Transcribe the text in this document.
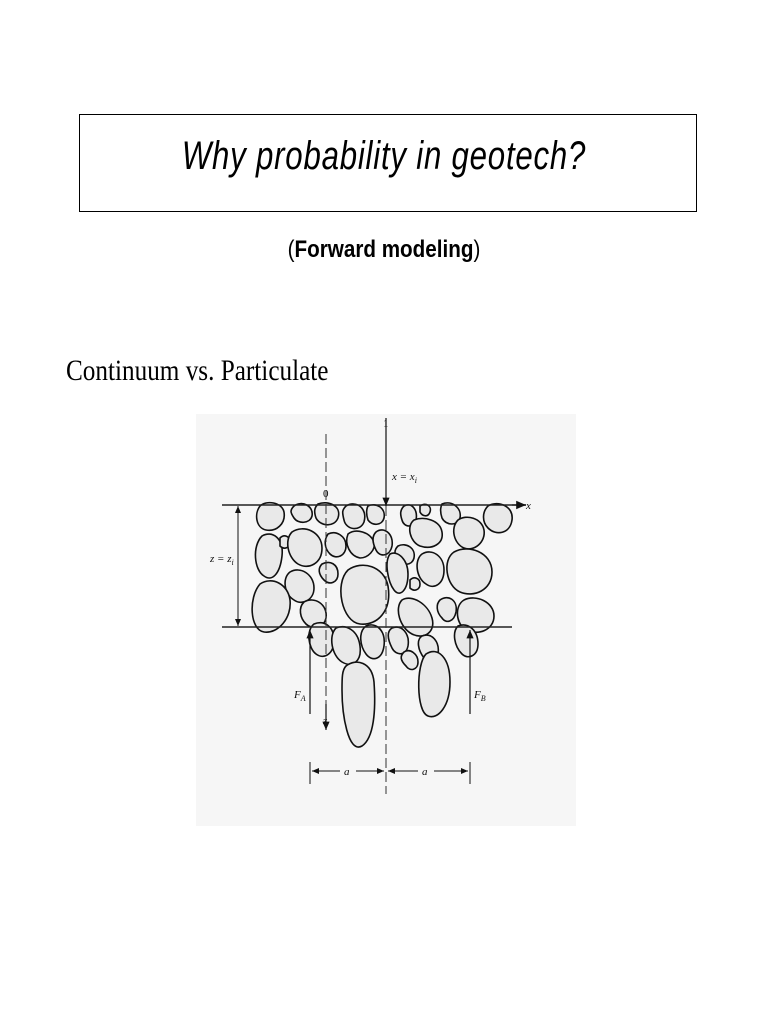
Why probability in geotech?
(Forward modeling)
Continuum vs. Particulate
1
$x = x_i$
0
x
$z = z_i$
$F_A$	$F_B$
z
a	a
